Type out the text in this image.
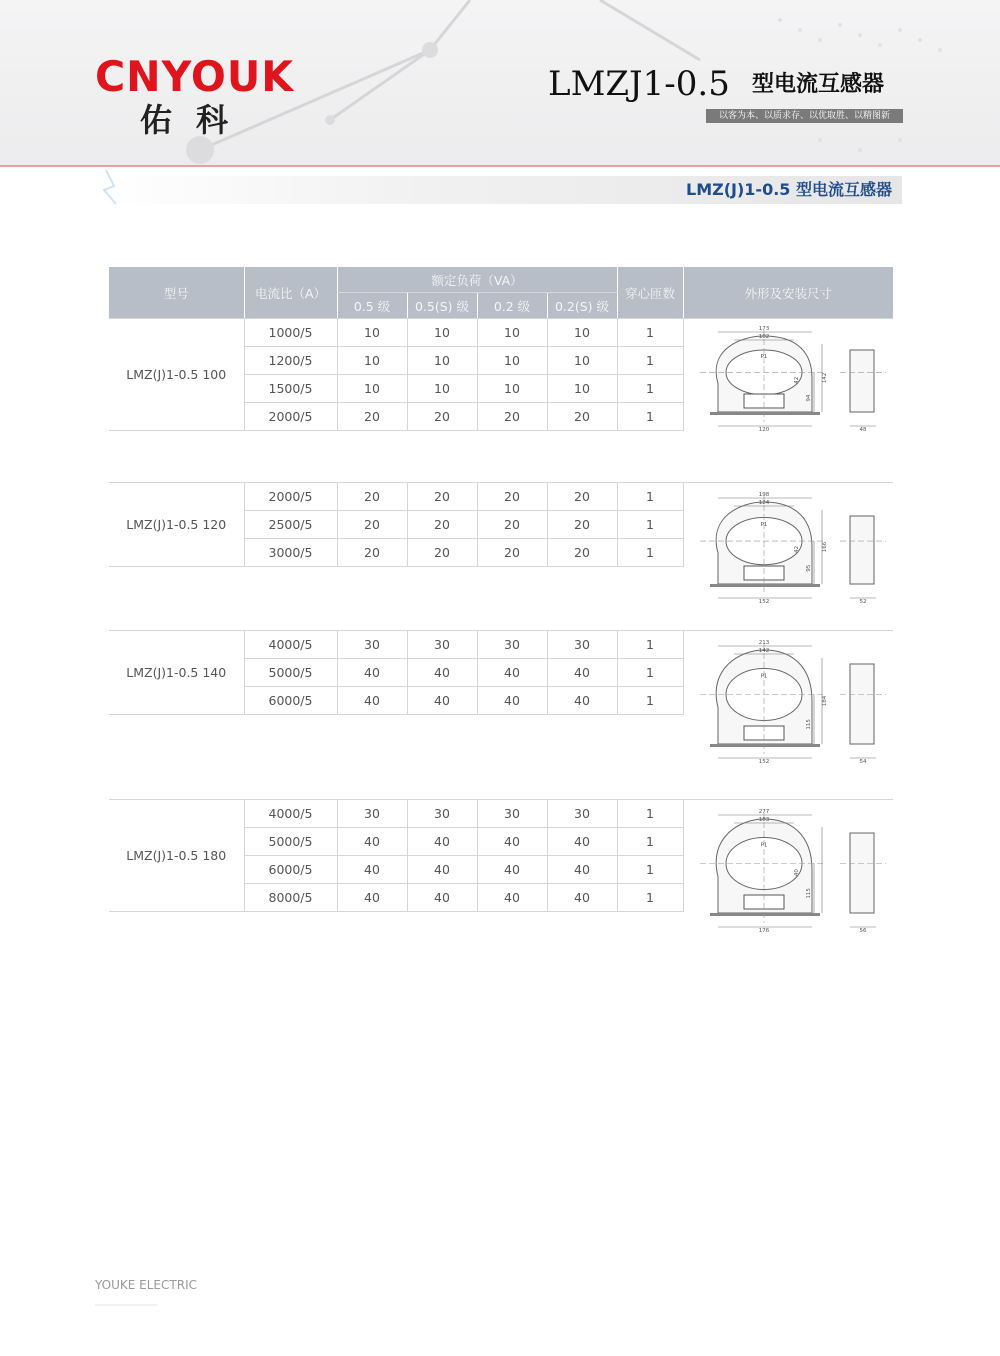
CNYOUK
佑科
LMZJ1-0.5 型电流互感器
以客为本、以质求存、以优取胜、以精图新
LMZ(J)1-0.5 型电流互感器
型号	电流比（A）	额定负荷（VA）				穿心匝数	外形及安装尺寸
		0.5 级	0.5(S) 级	0.2 级	0.2(S) 级		
LMZ(J)1-0.5 100	1000/5	10	10	10	10	1	
	1200/5	10	10	10	10	1	
	1500/5	10	10	10	10	1	
	2000/5	20	20	20	20	1	
LMZ(J)1-0.5 120	2000/5	20	20	20	20	1	
	2500/5	20	20	20	20	1	
	3000/5	20	20	20	20	1	
LMZ(J)1-0.5 140	4000/5	30	30	30	30	1	
	5000/5	40	40	40	40	1	
	6000/5	40	40	40	40	1	
LMZ(J)1-0.5 180	4000/5	30	30	30	30	1	
	5000/5	40	40	40	40	1	
	6000/5	40	40	40	40	1	
	8000/5	40	40	40	40	1	
173
102
P1
42	142
94
120	48
198
124
P1
42	166
95
152	52
213
142
P1
184
115
152	54
277
183
P1
40
115
176	56
YOUKE ELECTRIC
